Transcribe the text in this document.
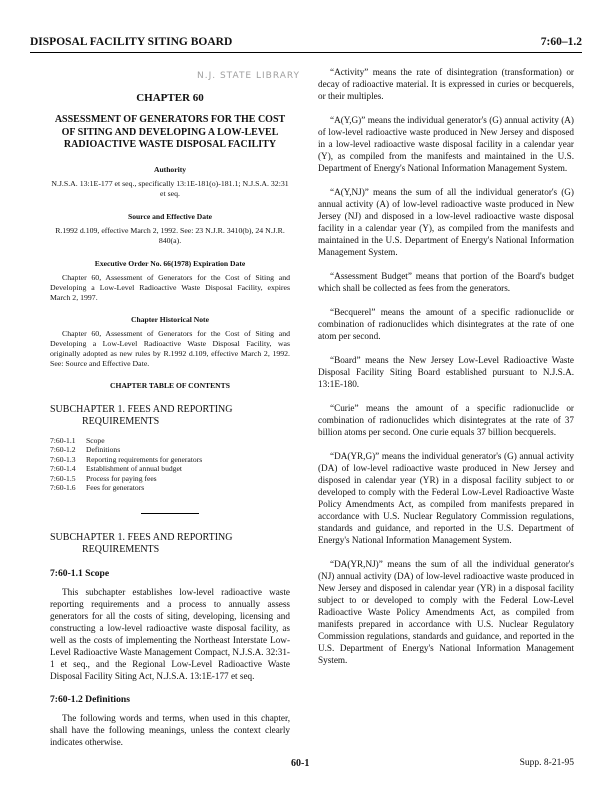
DISPOSAL FACILITY SITING BOARD	7:60–1.2
N.J. STATE LIBRARY
CHAPTER 60
ASSESSMENT OF GENERATORS FOR THE COST OF SITING AND DEVELOPING A LOW-LEVEL RADIOACTIVE WASTE DISPOSAL FACILITY
Authority
N.J.S.A. 13:1E-177 et seq., specifically 13:1E-181(o)-181.1; N.J.S.A. 32:31 et seq.
Source and Effective Date
R.1992 d.109, effective March 2, 1992. See: 23 N.J.R. 3410(b), 24 N.J.R. 840(a).
Executive Order No. 66(1978) Expiration Date
Chapter 60, Assessment of Generators for the Cost of Siting and Developing a Low-Level Radioactive Waste Disposal Facility, expires March 2, 1997.
Chapter Historical Note
Chapter 60, Assessment of Generators for the Cost of Siting and Developing a Low-Level Radioactive Waste Disposal Facility, was originally adopted as new rules by R.1992 d.109, effective March 2, 1992. See: Source and Effective Date.
CHAPTER TABLE OF CONTENTS
SUBCHAPTER 1. FEES AND REPORTING REQUIREMENTS
7:60-1.1	Scope
7:60-1.2	Definitions
7:60-1.3	Reporting requirements for generators
7:60-1.4	Establishment of annual budget
7:60-1.5	Process for paying fees
7:60-1.6	Fees for generators
SUBCHAPTER 1. FEES AND REPORTING REQUIREMENTS
7:60-1.1 Scope

This subchapter establishes low-level radioactive waste reporting requirements and a process to annually assess generators for all the costs of siting, developing, licensing and constructing a low-level radioactive waste disposal facility, as well as the costs of implementing the Northeast Interstate Low-Level Radioactive Waste Management Compact, N.J.S.A. 32:31-1 et seq., and the Regional Low-Level Radioactive Waste Disposal Facility Siting Act, N.J.S.A. 13:1E-177 et seq.

7:60-1.2 Definitions

The following words and terms, when used in this chapter, shall have the following meanings, unless the context clearly indicates otherwise.

“Activity” means the rate of disintegration (transformation) or decay of radioactive material. It is expressed in curies or becquerels, or their multiples.

“A(Y,G)” means the individual generator's (G) annual activity (A) of low-level radioactive waste produced in New Jersey and disposed in a low-level radioactive waste disposal facility in a calendar year (Y), as compiled from the manifests and maintained in the U.S. Department of Energy's National Information Management System.

“A(Y,NJ)” means the sum of all the individual generator's (G) annual activity (A) of low-level radioactive waste produced in New Jersey (NJ) and disposed in a low-level radioactive waste disposal facility in a calendar year (Y), as compiled from the manifests and maintained in the U.S. Department of Energy's National Information Management System.

“Assessment Budget” means that portion of the Board's budget which shall be collected as fees from the generators.

“Becquerel” means the amount of a specific radionuclide or combination of radionuclides which disintegrates at the rate of one atom per second.

“Board” means the New Jersey Low-Level Radioactive Waste Disposal Facility Siting Board established pursuant to N.J.S.A. 13:1E-180.

“Curie” means the amount of a specific radionuclide or combination of radionuclides which disintegrates at the rate of 37 billion atoms per second. One curie equals 37 billion becquerels.

“DA(YR,G)” means the individual generator's (G) annual activity (DA) of low-level radioactive waste produced in New Jersey and disposed in calendar year (YR) in a disposal facility subject to or developed to comply with the Federal Low-Level Radioactive Waste Policy Amendments Act, as compiled from manifests prepared in accordance with U.S. Nuclear Regulatory Commission regulations, standards and guidance, and reported in the U.S. Department of Energy's National Information Management System.

“DA(YR,NJ)” means the sum of all the individual generator's (NJ) annual activity (DA) of low-level radioactive waste produced in New Jersey and disposed in calendar year (YR) in a disposal facility subject to or developed to comply with the Federal Low-Level Radioactive Waste Policy Amendments Act, as compiled from manifests prepared in accordance with U.S. Nuclear Regulatory Commission regulations, standards and guidance, and reported in the U.S. Department of Energy's National Information Management System.

60-1	Supp. 8-21-95
